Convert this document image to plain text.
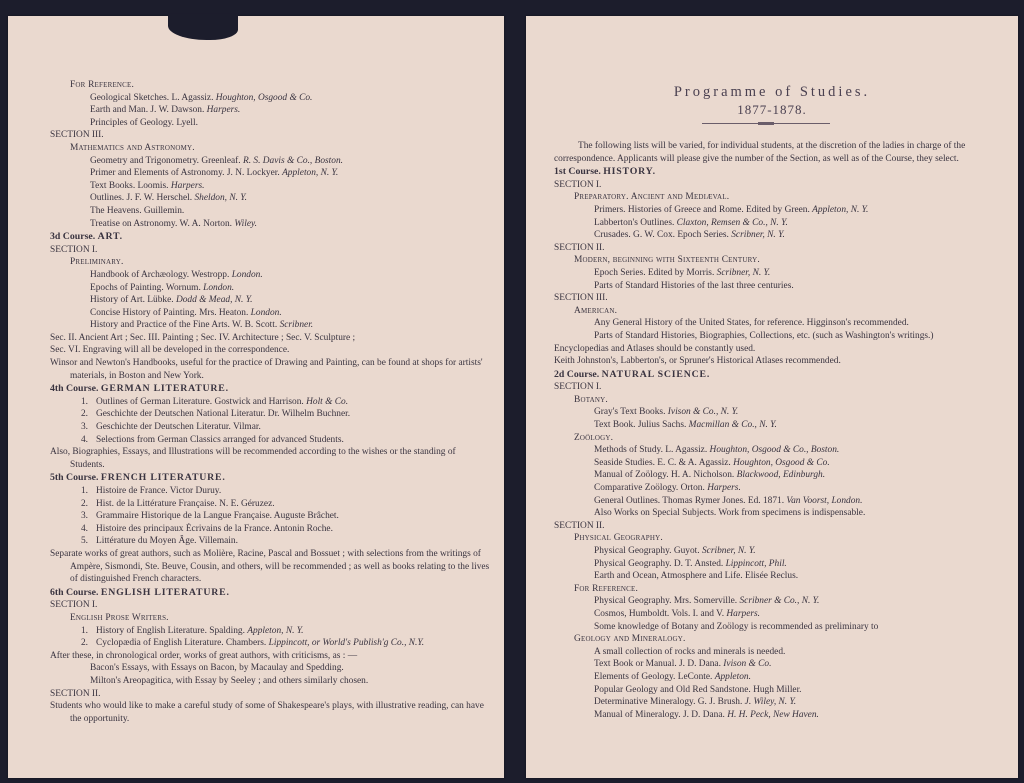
For Reference.
Geological Sketches. L. Agassiz. Houghton, Osgood & Co.
Earth and Man. J. W. Dawson. Harpers.
Principles of Geology. Lyell.
SECTION III.
Mathematics and Astronomy.
Geometry and Trigonometry. Greenleaf. R. S. Davis & Co., Boston.
Primer and Elements of Astronomy. J. N. Lockyer. Appleton, N. Y.
Text Books. Loomis. Harpers.
Outlines. J. F. W. Herschel. Sheldon, N. Y.
The Heavens. Guillemin.
Treatise on Astronomy. W. A. Norton. Wiley.
3d Course. ART.
SECTION I.
Preliminary.
Handbook of Archæology. Westropp. London.
Epochs of Painting. Wornum. London.
History of Art. Lübke. Dodd & Mead, N. Y.
Concise History of Painting. Mrs. Heaton. London.
History and Practice of the Fine Arts. W. B. Scott. Scribner.
Sec. II. Ancient Art ; Sec. III. Painting ; Sec. IV. Architecture ; Sec. V. Sculpture ;
Sec. VI. Engraving will all be developed in the correspondence.
Winsor and Newton's Handbooks, useful for the practice of Drawing and Painting, can be found at shops for artists' materials, in Boston and New York.
4th Course. GERMAN LITERATURE.
1. Outlines of German Literature. Gostwick and Harrison. Holt & Co.
2. Geschichte der Deutschen National Literatur. Dr. Wilhelm Buchner.
3. Geschichte der Deutschen Literatur. Vilmar.
4. Selections from German Classics arranged for advanced Students.
Also, Biographies, Essays, and Illustrations will be recommended according to the wishes or the standing of Students.
5th Course. FRENCH LITERATURE.
1. Histoire de France. Victor Duruy.
2. Hist. de la Littérature Française. N. E. Géruzez.
3. Grammaire Historique de la Langue Française. Auguste Brâchet.
4. Histoire des principaux Écrivains de la France. Antonin Roche.
5. Littérature du Moyen Âge. Villemain.
Separate works of great authors, such as Molière, Racine, Pascal and Bossuet ; with selections from the writings of Ampère, Sismondi, Ste. Beuve, Cousin, and others, will be recommended ; as well as books relating to the lives of distinguished French characters.
6th Course. ENGLISH LITERATURE.
SECTION I.
English Prose Writers.
1. History of English Literature. Spalding. Appleton, N. Y.
2. Cyclopædia of English Literature. Chambers. Lippincott, or World's Publish'g Co., N.Y.
After these, in chronological order, works of great authors, with criticisms, as : —
Bacon's Essays, with Essays on Bacon, by Macaulay and Spedding.
Milton's Areopagitica, with Essay by Seeley ; and others similarly chosen.
SECTION II.
Students who would like to make a careful study of some of Shakespeare's plays, with illustrative reading, can have the opportunity.
Programme of Studies.
1877-1878.
The following lists will be varied, for individual students, at the discretion of the ladies in charge of the correspondence. Applicants will please give the number of the Section, as well as of the Course, they select.
1st Course. HISTORY.
SECTION I.
Preparatory. Ancient and Mediæval.
Primers. Histories of Greece and Rome. Edited by Green. Appleton, N. Y.
Labberton's Outlines. Claxton, Remsen & Co., N. Y.
Crusades. G. W. Cox. Epoch Series. Scribner, N. Y.
SECTION II.
Modern, beginning with Sixteenth Century.
Epoch Series. Edited by Morris. Scribner, N. Y.
Parts of Standard Histories of the last three centuries.
SECTION III.
American.
Any General History of the United States, for reference. Higginson's recommended.
Parts of Standard Histories, Biographies, Collections, etc. (such as Washington's writings.)
Encyclopedias and Atlases should be constantly used.
Keith Johnston's, Labberton's, or Spruner's Historical Atlases recommended.
2d Course. NATURAL SCIENCE.
SECTION I.
Botany.
Gray's Text Books. Ivison & Co., N. Y.
Text Book. Julius Sachs. Macmillan & Co., N. Y.
Zoölogy.
Methods of Study. L. Agassiz. Houghton, Osgood & Co., Boston.
Seaside Studies. E. C. & A. Agassiz. Houghton, Osgood & Co.
Manual of Zoölogy. H. A. Nicholson. Blackwood, Edinburgh.
Comparative Zoölogy. Orton. Harpers.
General Outlines. Thomas Rymer Jones. Ed. 1871. Van Voorst, London.
Also Works on Special Subjects. Work from specimens is indispensable.
SECTION II.
Physical Geography.
Physical Geography. Guyot. Scribner, N. Y.
Physical Geography. D. T. Ansted. Lippincott, Phil.
Earth and Ocean, Atmosphere and Life. Elisée Reclus.
For Reference.
Physical Geography. Mrs. Somerville. Scribner & Co., N. Y.
Cosmos, Humboldt. Vols. I. and V. Harpers.
Some knowledge of Botany and Zoölogy is recommended as preliminary to
Geology and Mineralogy.
A small collection of rocks and minerals is needed.
Text Book or Manual. J. D. Dana. Ivison & Co.
Elements of Geology. LeConte. Appleton.
Popular Geology and Old Red Sandstone. Hugh Miller.
Determinative Mineralogy. G. J. Brush. J. Wiley, N. Y.
Manual of Mineralogy. J. D. Dana. H. H. Peck, New Haven.
